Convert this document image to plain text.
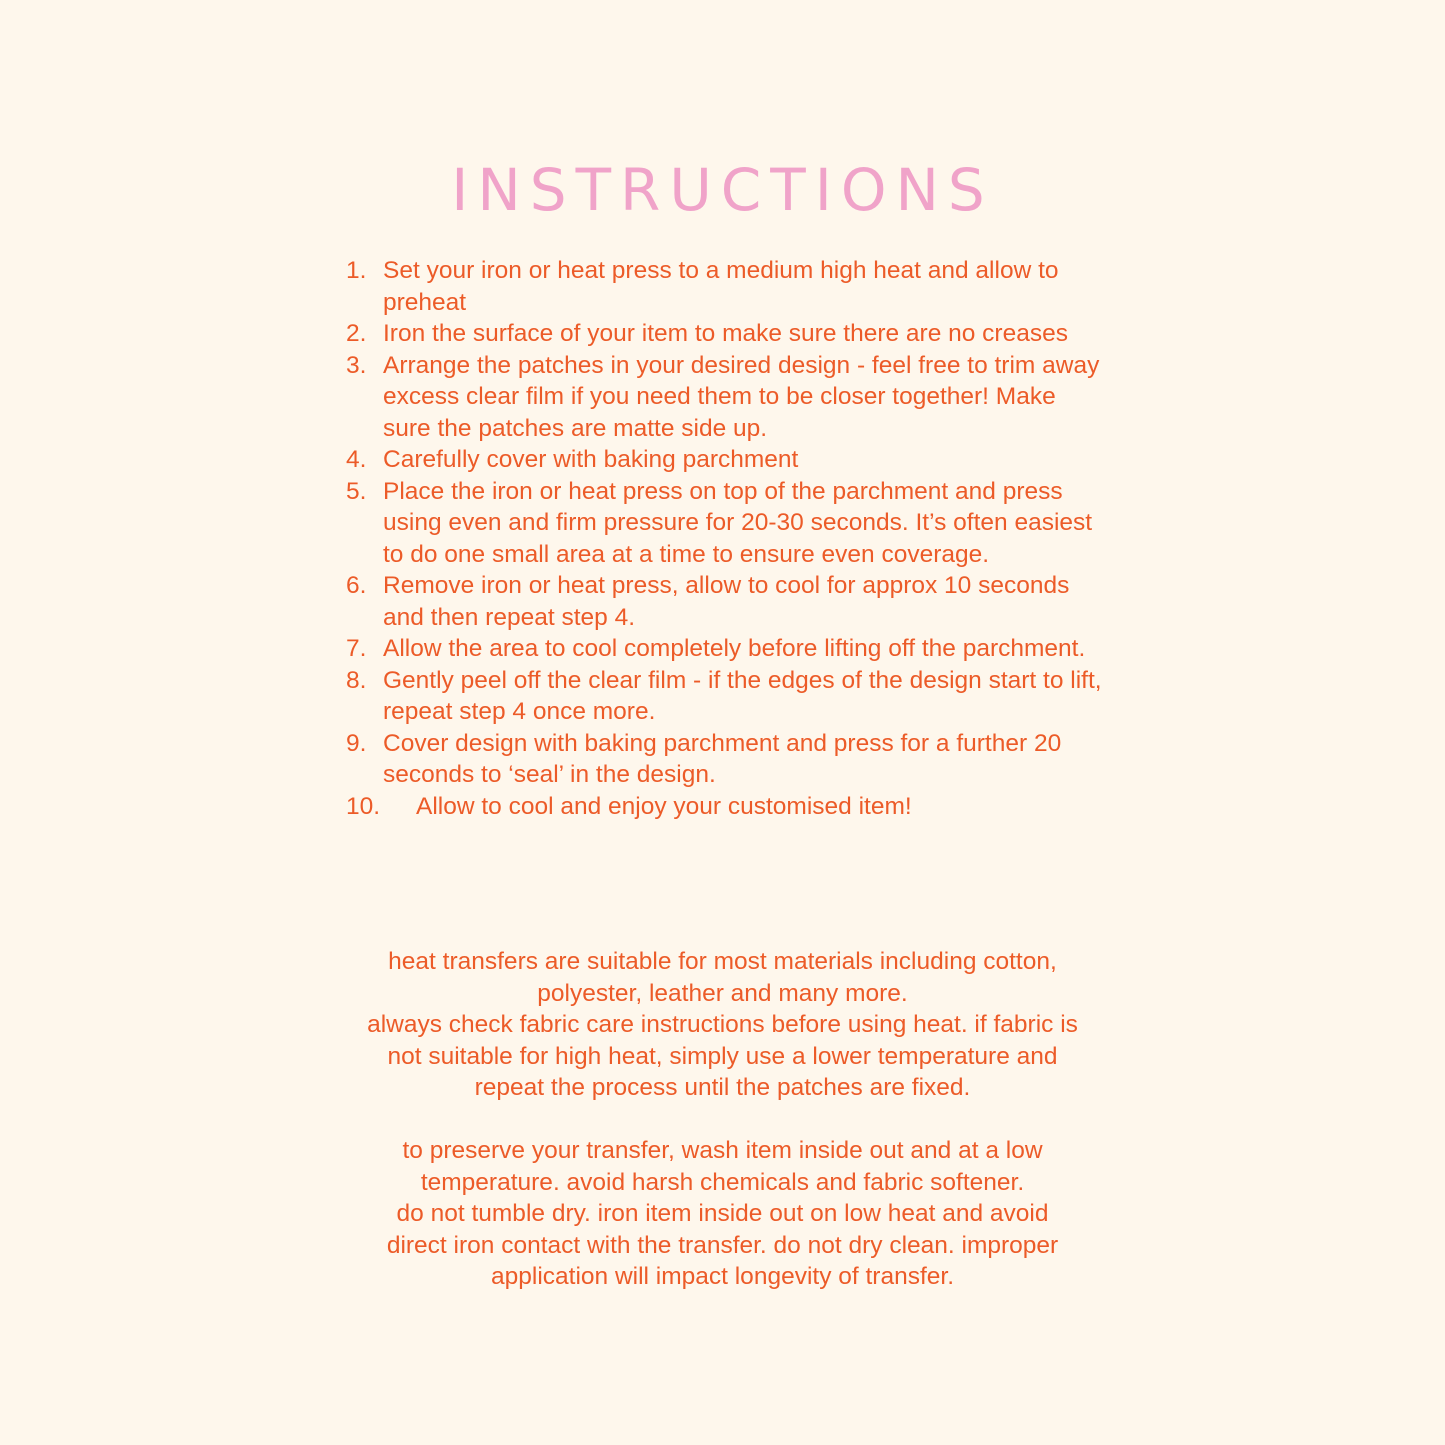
INSTRUCTIONS
1. Set your iron or heat press to a medium high heat and allow to preheat
2. Iron the surface of your item to make sure there are no creases
3. Arrange the patches in your desired design - feel free to trim away excess clear film if you need them to be closer together! Make sure the patches are matte side up.
4. Carefully cover with baking parchment
5. Place the iron or heat press on top of the parchment and press using even and firm pressure for 20-30 seconds. It’s often easiest to do one small area at a time to ensure even coverage.
6. Remove iron or heat press, allow to cool for approx 10 seconds and then repeat step 4.
7. Allow the area to cool completely before lifting off the parchment.
8. Gently peel off the clear film - if the edges of the design start to lift, repeat step 4 once more.
9. Cover design with baking parchment and press for a further 20 seconds to ‘seal’ in the design.
10. Allow to cool and enjoy your customised item!

heat transfers are suitable for most materials including cotton,

polyester, leather and many more.

always check fabric care instructions before using heat. if fabric is

not suitable for high heat, simply use a lower temperature and

repeat the process until the patches are fixed.

to preserve your transfer, wash item inside out and at a low

temperature. avoid harsh chemicals and fabric softener.

do not tumble dry. iron item inside out on low heat and avoid

direct iron contact with the transfer. do not dry clean. improper

application will impact longevity of transfer.
